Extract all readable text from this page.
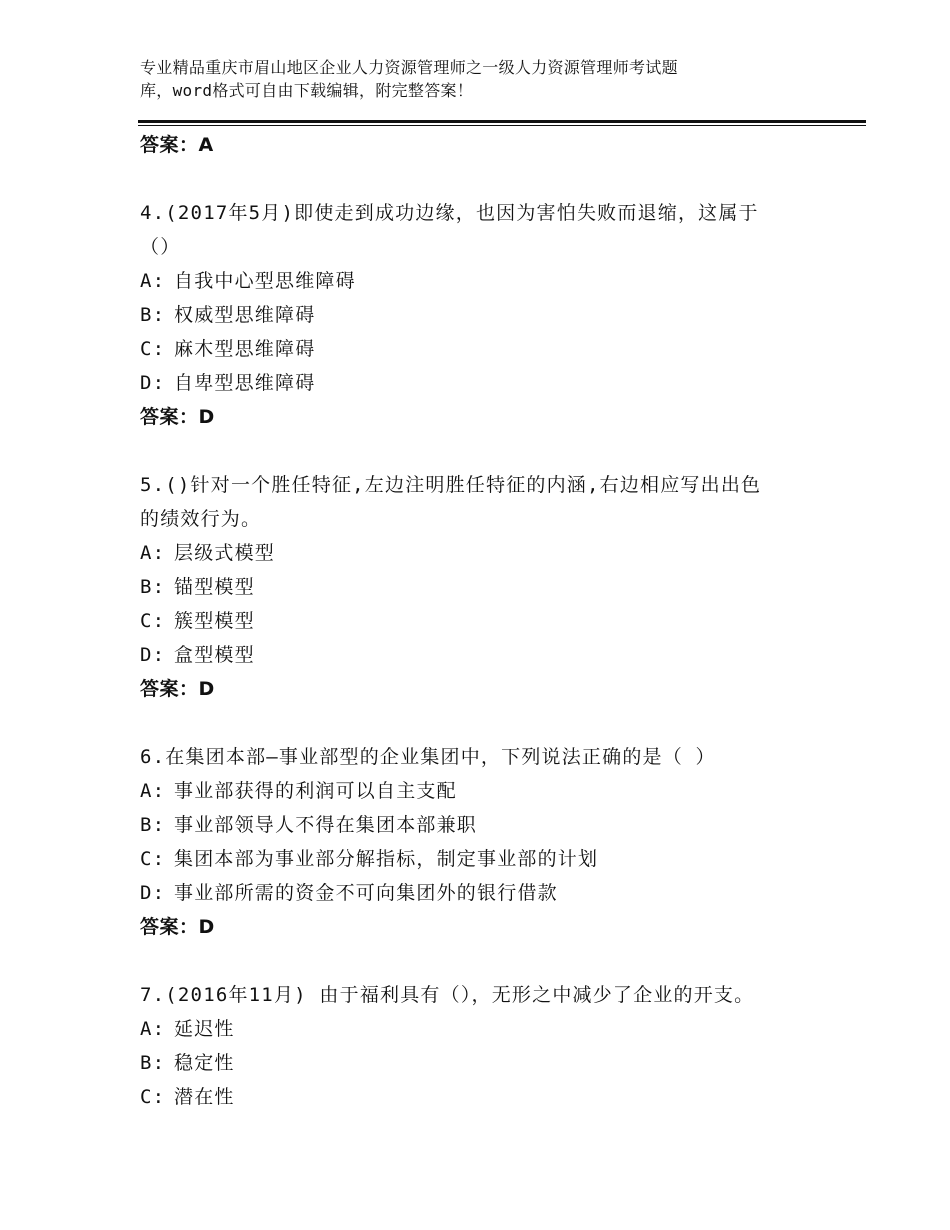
专业精品重庆市眉山地区企业人力资源管理师之一级人力资源管理师考试题
库，word格式可自由下载编辑，附完整答案！
答案：A
4.(2017年5月)即使走到成功边缘，也因为害怕失败而退缩，这属于
（）
A: 自我中心型思维障碍
B: 权威型思维障碍
C: 麻木型思维障碍
D: 自卑型思维障碍
答案：D
5.()针对一个胜任特征,左边注明胜任特征的内涵,右边相应写出出色
的绩效行为。
A: 层级式模型
B: 锚型模型
C: 簇型模型
D: 盒型模型
答案：D
6.在集团本部—事业部型的企业集团中，下列说法正确的是（ ）
A: 事业部获得的利润可以自主支配
B: 事业部领导人不得在集团本部兼职
C: 集团本部为事业部分解指标，制定事业部的计划
D: 事业部所需的资金不可向集团外的银行借款
答案：D
7.(2016年11月) 由于福利具有（），无形之中减少了企业的开支。
A: 延迟性
B: 稳定性
C: 潜在性
